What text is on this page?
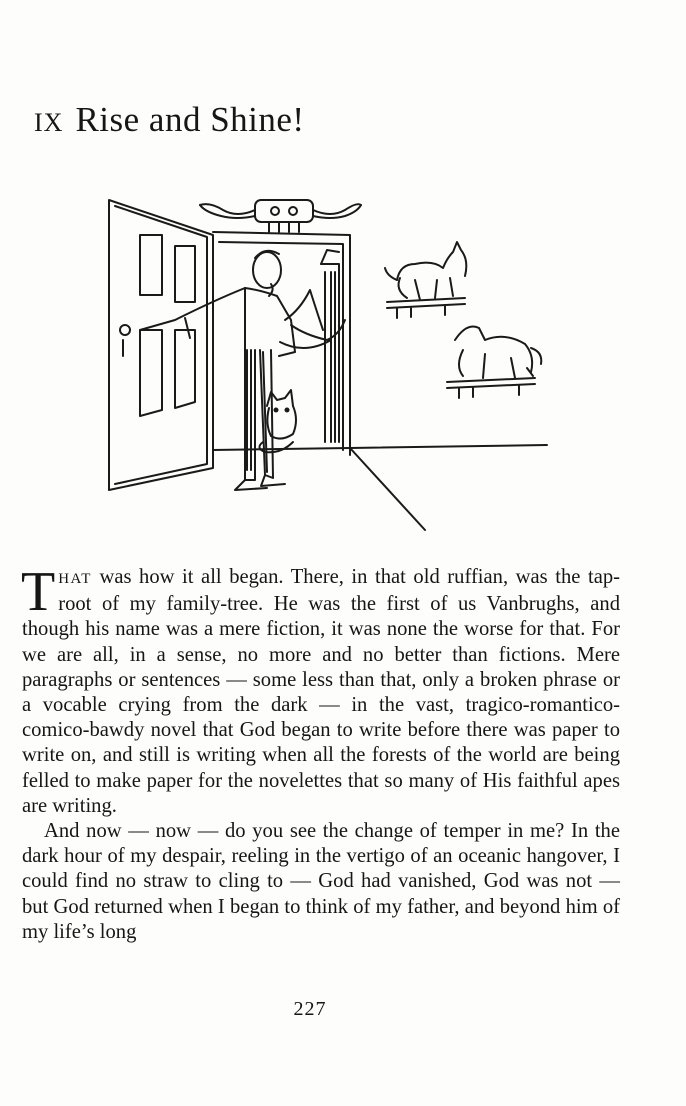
IX Rise and Shine!

THAT was how it all began. There, in that old ruffian, was the tap-root of my family-tree. He was the first of us Vanbrughs, and though his name was a mere fiction, it was none the worse for that. For we are all, in a sense, no more and no better than fictions. Mere paragraphs or sentences — some less than that, only a broken phrase or a vocable crying from the dark — in the vast, tragico-romantico-comico-bawdy novel that God began to write before there was paper to write on, and still is writing when all the forests of the world are being felled to make paper for the novelettes that so many of His faithful apes are writing.

And now — now — do you see the change of temper in me? In the dark hour of my despair, reeling in the vertigo of an oceanic hangover, I could find no straw to cling to — God had vanished, God was not — but God returned when I began to think of my father, and beyond him of my life’s long

227
